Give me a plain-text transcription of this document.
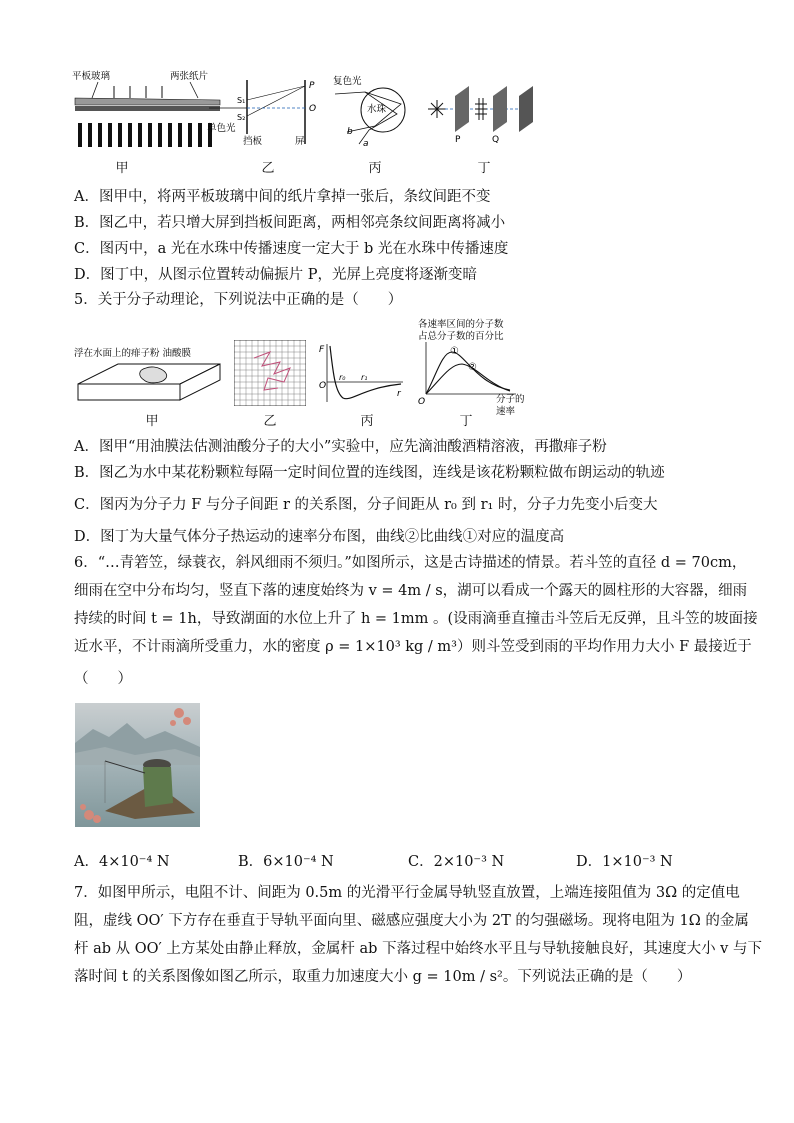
平板玻璃	两张纸片
甲
S₁
S₂
单色光
挡板	屏
P
O
乙
复色光
水珠
b
a
丙
P	Q
丁
A．图甲中，将两平板玻璃中间的纸片拿掉一张后，条纹间距不变
B．图乙中，若只增大屏到挡板间距离，两相邻亮条纹间距离将减小
C．图丙中，a 光在水珠中传播速度一定大于 b 光在水珠中传播速度
D．图丁中，从图示位置转动偏振片 P，光屏上亮度将逐渐变暗
5．关于分子动理论，下列说法中正确的是（　　）
浮在水面上的痱子粉 油酸膜
甲	乙
F
O
r₀ r₁
r
丙
各速率区间的分子数
占总分子数的百分比
①
②
O	分子的
速率
丁
A．图甲“用油膜法估测油酸分子的大小”实验中，应先滴油酸酒精溶液，再撒痱子粉
B．图乙为水中某花粉颗粒每隔一定时间位置的连线图，连线是该花粉颗粒做布朗运动的轨迹
C．图丙为分子力 F 与分子间距 r 的关系图，分子间距从 r₀ 到 r₁ 时，分子力先变小后变大
D．图丁为大量气体分子热运动的速率分布图，曲线②比曲线①对应的温度高
6．“…青箬笠，绿蓑衣，斜风细雨不须归。”如图所示，这是古诗描述的情景。若斗笠的直径 d = 70cm，
细雨在空中分布均匀，竖直下落的速度始终为 v = 4m / s，湖可以看成一个露天的圆柱形的大容器，细雨
持续的时间 t = 1h，导致湖面的水位上升了 h = 1mm 。(设雨滴垂直撞击斗笠后无反弹，且斗笠的坡面接
近水平，不计雨滴所受重力，水的密度 ρ = 1×10³ kg / m³）则斗笠受到雨的平均作用力大小 F 最接近于
（　　）
A．4×10⁻⁴ N	B．6×10⁻⁴ N	C．2×10⁻³ N	D．1×10⁻³ N
7．如图甲所示，电阻不计、间距为 0.5m 的光滑平行金属导轨竖直放置，上端连接阻值为 3Ω 的定值电
阻，虚线 OO′ 下方存在垂直于导轨平面向里、磁感应强度大小为 2T 的匀强磁场。现将电阻为 1Ω 的金属
杆 ab 从 OO′ 上方某处由静止释放，金属杆 ab 下落过程中始终水平且与导轨接触良好，其速度大小 v 与下
落时间 t 的关系图像如图乙所示，取重力加速度大小 g = 10m / s²。下列说法正确的是（　　）
